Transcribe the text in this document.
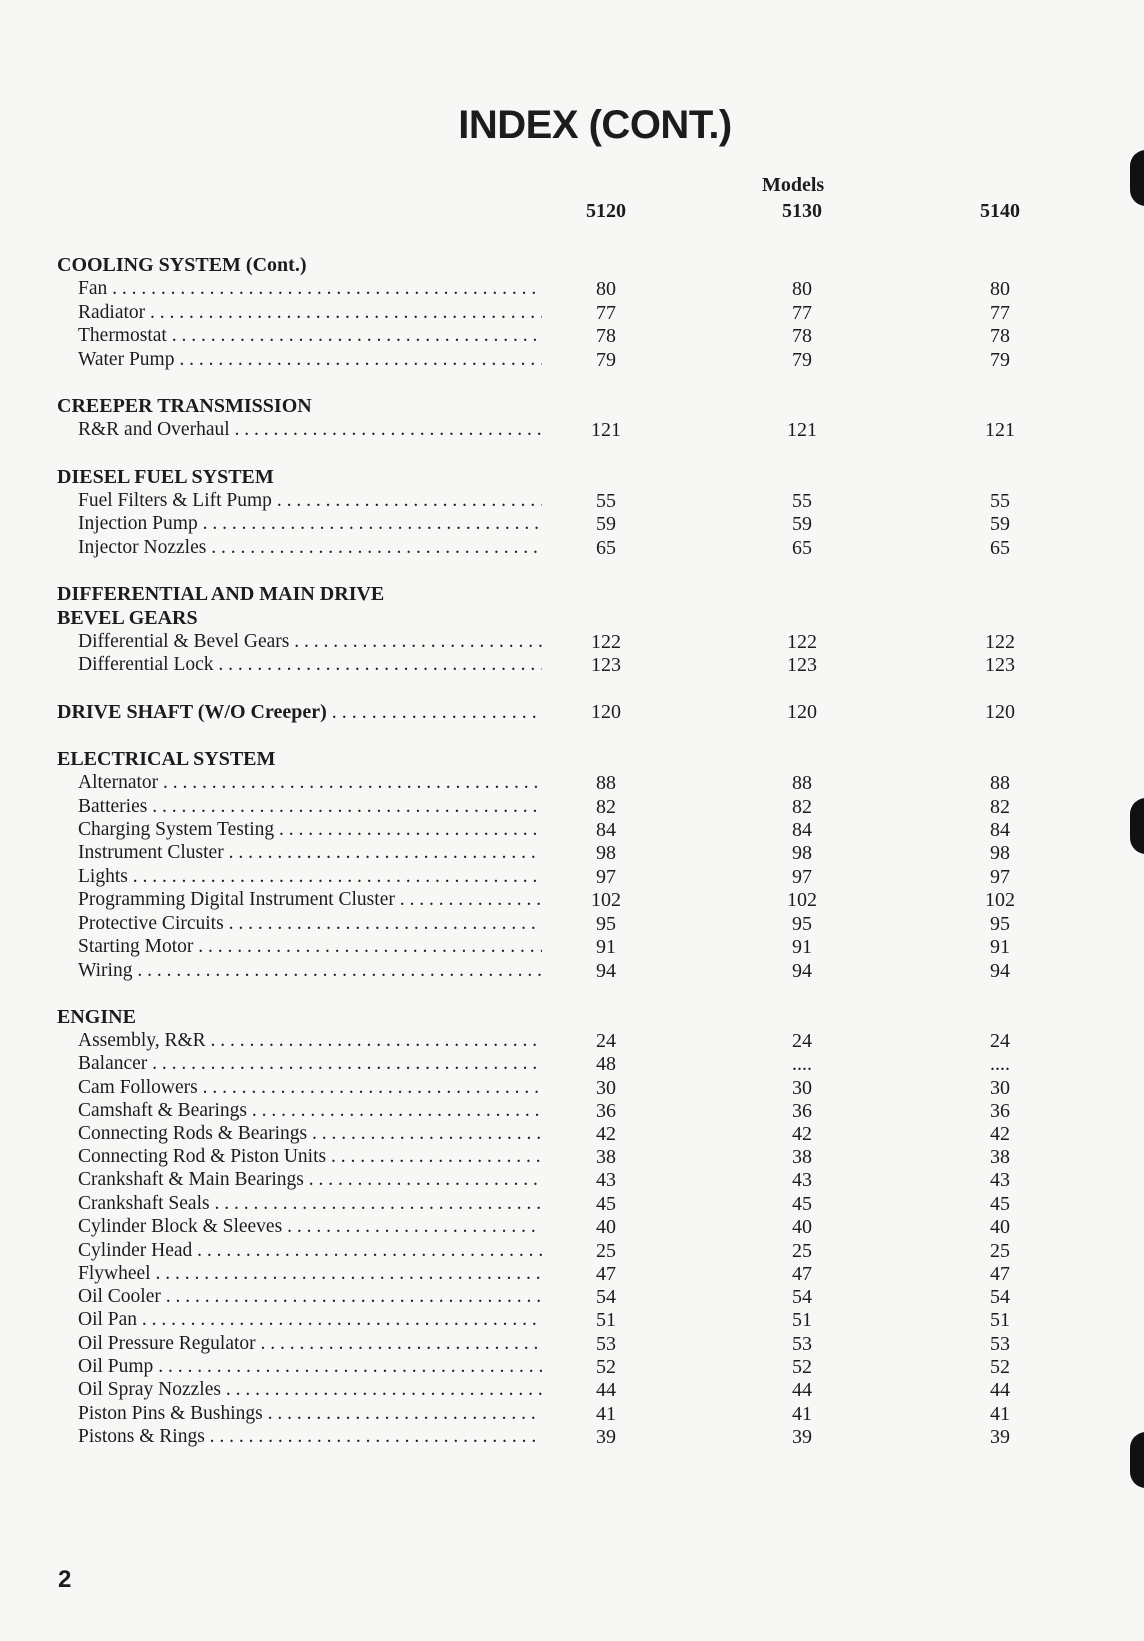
INDEX (CONT.)
Models
5120	5130	5140
COOLING SYSTEM (Cont.)
Fan . . .	80	80	80
Radiator . . .	77	77	77
Thermostat . . .	78	78	78
Water Pump . . .	79	79	79
CREEPER TRANSMISSION
R&R and Overhaul . . .	121	121	121
DIESEL FUEL SYSTEM
Fuel Filters & Lift Pump . . .	55	55	55
Injection Pump . . .	59	59	59
Injector Nozzles . . .	65	65	65
DIFFERENTIAL AND MAIN DRIVE
BEVEL GEARS
Differential & Bevel Gears . . .	122	122	122
Differential Lock . . .	123	123	123
DRIVE SHAFT (W/O Creeper) . . .	120	120	120
ELECTRICAL SYSTEM
Alternator . . .	88	88	88
Batteries . . .	82	82	82
Charging System Testing . . .	84	84	84
Instrument Cluster . . .	98	98	98
Lights . . .	97	97	97
Programming Digital Instrument Cluster . . .	102	102	102
Protective Circuits . . .	95	95	95
Starting Motor . . .	91	91	91
Wiring . . .	94	94	94
ENGINE
Assembly, R&R . . .	24	24	24
Balancer . . .	48	....	....
Cam Followers . . .	30	30	30
Camshaft & Bearings . . .	36	36	36
Connecting Rods & Bearings . . .	42	42	42
Connecting Rod & Piston Units . . .	38	38	38
Crankshaft & Main Bearings . . .	43	43	43
Crankshaft Seals . . .	45	45	45
Cylinder Block & Sleeves . . .	40	40	40
Cylinder Head . . .	25	25	25
Flywheel . . .	47	47	47
Oil Cooler . . .	54	54	54
Oil Pan . . .	51	51	51
Oil Pressure Regulator . . .	53	53	53
Oil Pump . . .	52	52	52
Oil Spray Nozzles . . .	44	44	44
Piston Pins & Bushings . . .	41	41	41
Pistons & Rings . . .	39	39	39
2
